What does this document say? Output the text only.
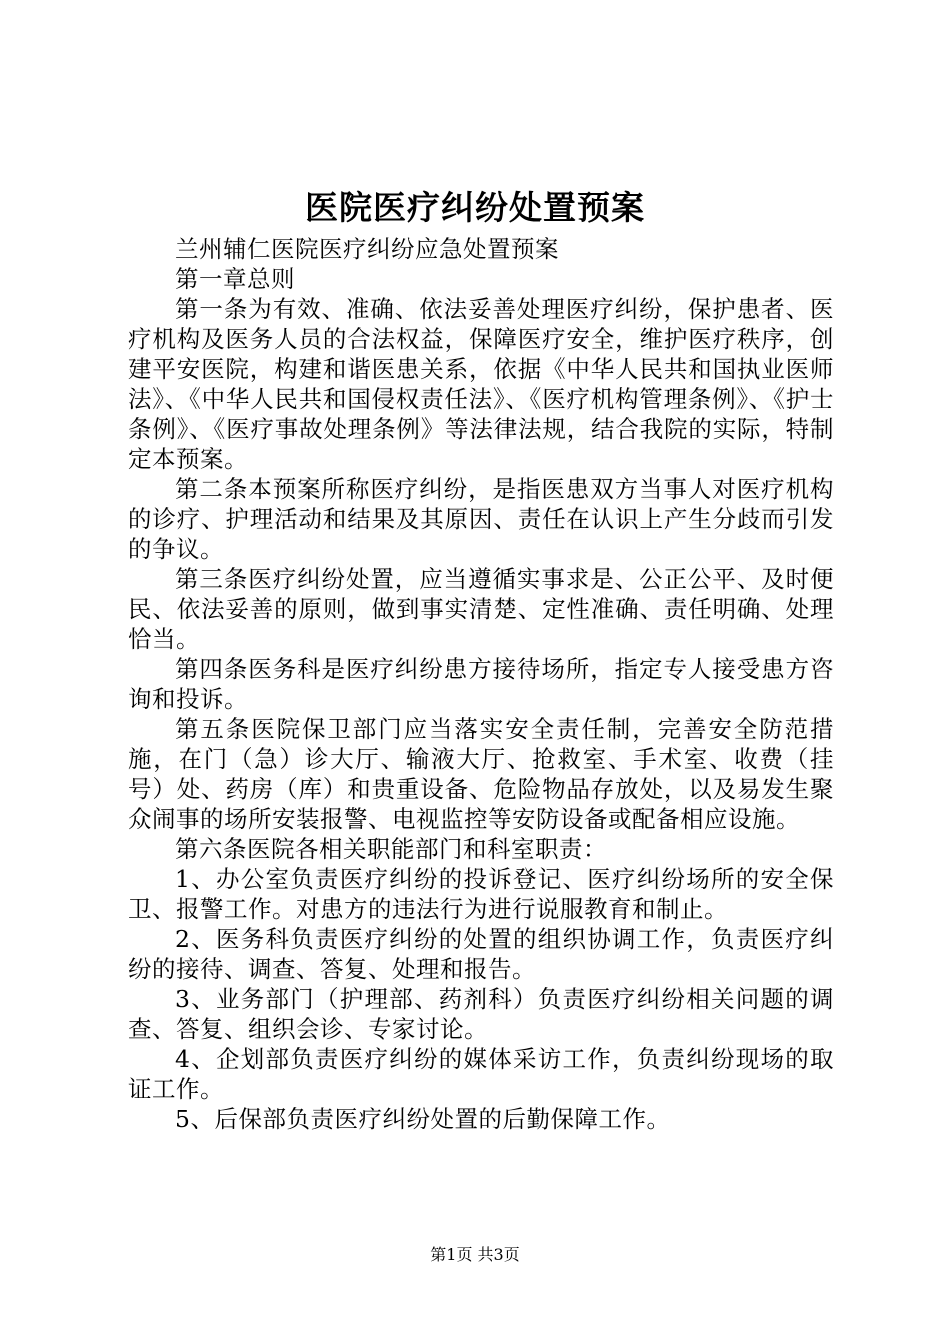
医院医疗纠纷处置预案

兰州辅仁医院医疗纠纷应急处置预案

第一章总则

第一条为有效、准确、依法妥善处理医疗纠纷，保护患者、医疗机构及医务人员的合法权益，保障医疗安全，维护医疗秩序，创建平安医院，构建和谐医患关系，依据《中华人民共和国执业医师法》、《中华人民共和国侵权责任法》、《医疗机构管理条例》、《护士条例》、《医疗事故处理条例》等法律法规，结合我院的实际，特制定本预案。

第二条本预案所称医疗纠纷，是指医患双方当事人对医疗机构的诊疗、护理活动和结果及其原因、责任在认识上产生分歧而引发的争议。

第三条医疗纠纷处置，应当遵循实事求是、公正公平、及时便民、依法妥善的原则，做到事实清楚、定性准确、责任明确、处理恰当。

第四条医务科是医疗纠纷患方接待场所，指定专人接受患方咨询和投诉。

第五条医院保卫部门应当落实安全责任制，完善安全防范措施，在门（急）诊大厅、输液大厅、抢救室、手术室、收费（挂号）处、药房（库）和贵重设备、危险物品存放处，以及易发生聚众闹事的场所安装报警、电视监控等安防设备或配备相应设施。

第六条医院各相关职能部门和科室职责：

1、办公室负责医疗纠纷的投诉登记、医疗纠纷场所的安全保卫、报警工作。对患方的违法行为进行说服教育和制止。

2、医务科负责医疗纠纷的处置的组织协调工作，负责医疗纠纷的接待、调查、答复、处理和报告。

3、业务部门（护理部、药剂科）负责医疗纠纷相关问题的调查、答复、组织会诊、专家讨论。

4、企划部负责医疗纠纷的媒体采访工作，负责纠纷现场的取证工作。

5、后保部负责医疗纠纷处置的后勤保障工作。

第1页 共3页
